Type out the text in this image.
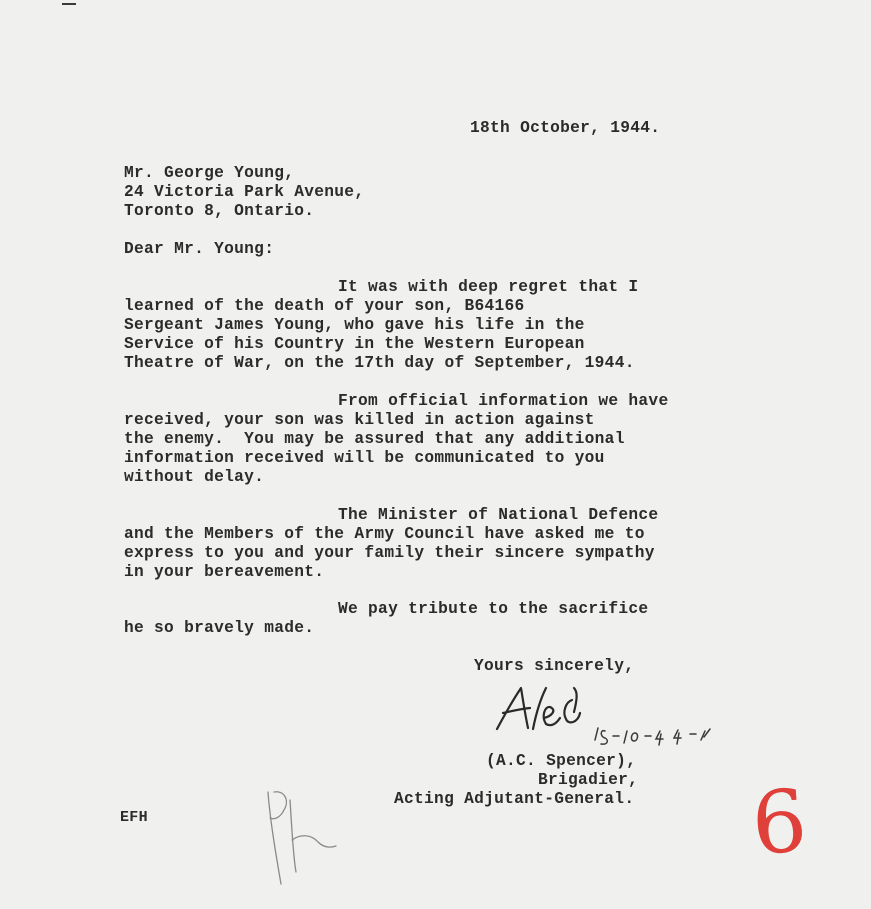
18th October, 1944.
Mr. George Young,
24 Victoria Park Avenue,
Toronto 8, Ontario.
Dear Mr. Young:
It was with deep regret that I
learned of the death of your son, B64166
Sergeant James Young, who gave his life in the
Service of his Country in the Western European
Theatre of War, on the 17th day of September, 1944.
From official information we have
received, your son was killed in action against
the enemy.  You may be assured that any additional
information received will be communicated to you
without delay.
The Minister of National Defence
and the Members of the Army Council have asked me to
express to you and your family their sincere sympathy
in your bereavement.
We pay tribute to the sacrifice
he so bravely made.
Yours sincerely,
(A.C. Spencer),
Brigadier,
Acting Adjutant-General.
EFH	6
